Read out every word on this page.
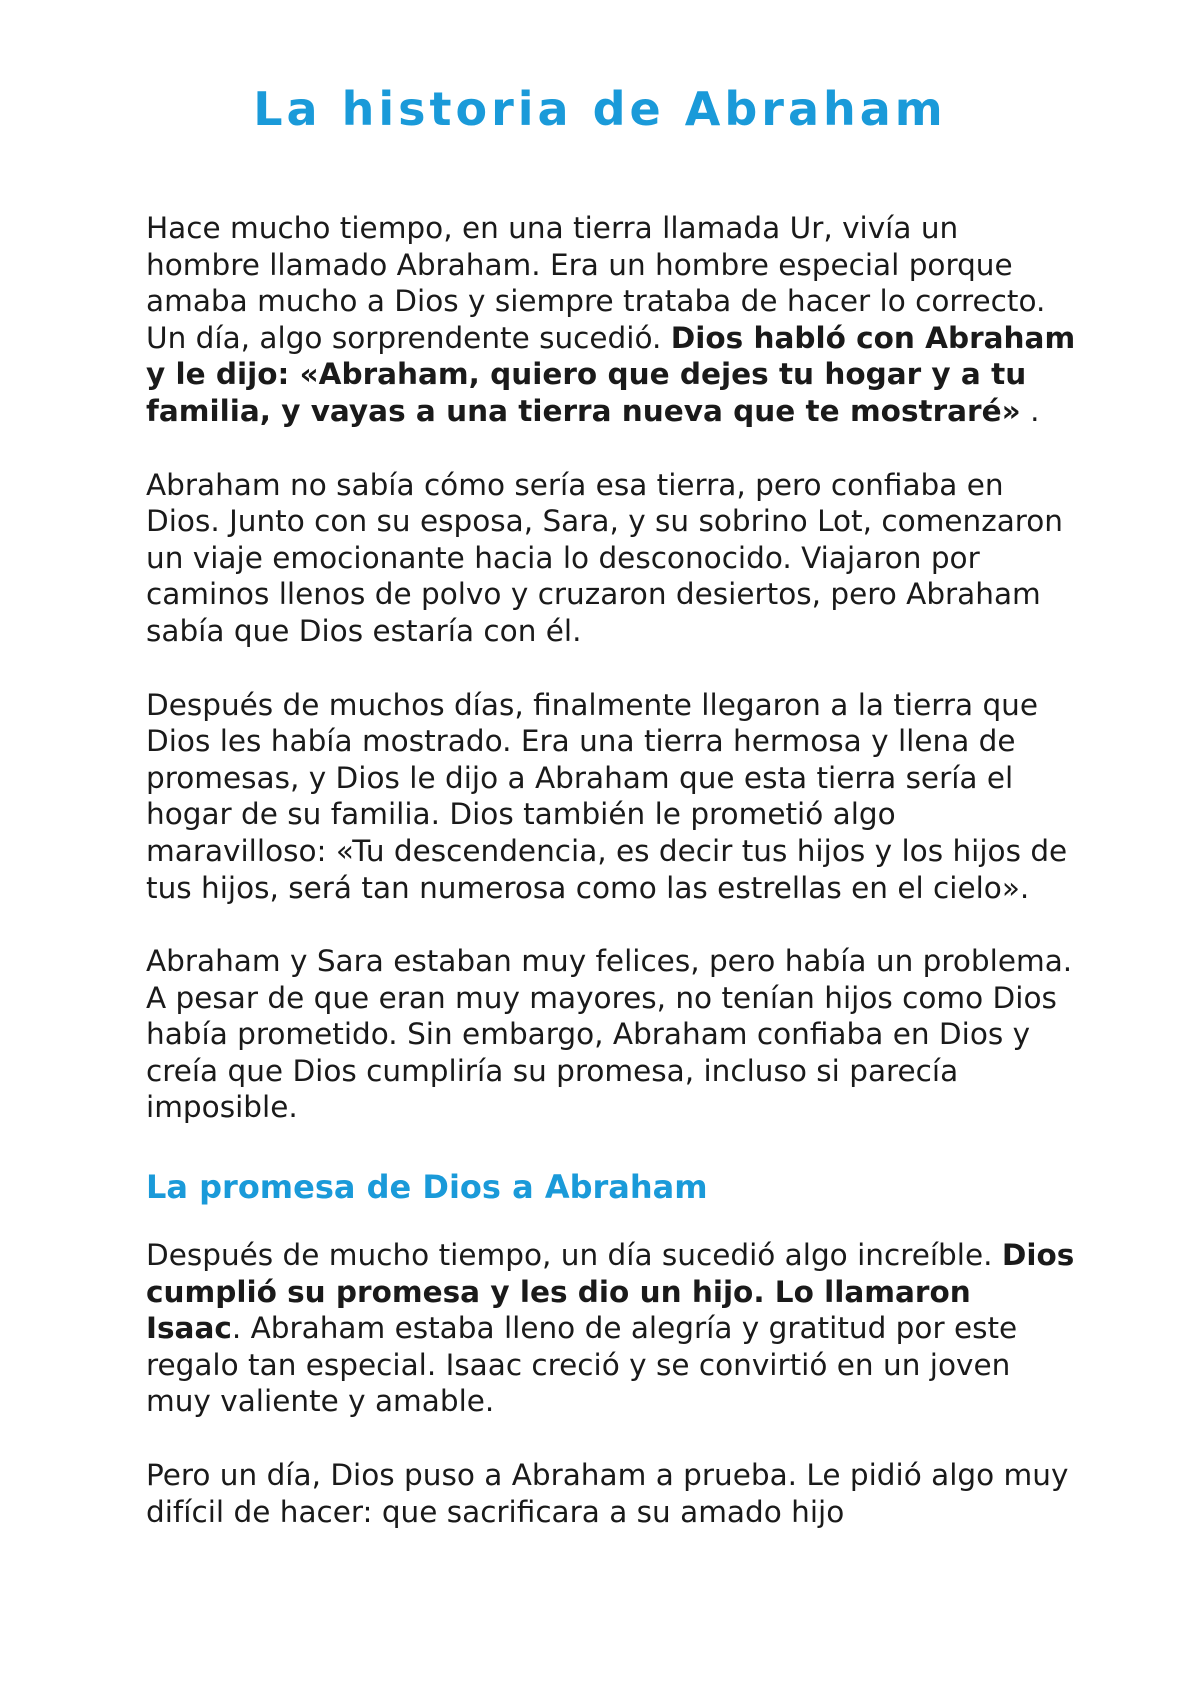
La historia de Abraham

Hace mucho tiempo, en una tierra llamada Ur, vivía un hombre llamado Abraham. Era un hombre especial porque amaba mucho a Dios y siempre trataba de hacer lo correcto. Un día, algo sorprendente sucedió. Dios habló con Abraham y le dijo: «Abraham, quiero que dejes tu hogar y a tu familia, y vayas a una tierra nueva que te mostraré» .

Abraham no sabía cómo sería esa tierra, pero confiaba en Dios. Junto con su esposa, Sara, y su sobrino Lot, comenzaron un viaje emocionante hacia lo desconocido. Viajaron por caminos llenos de polvo y cruzaron desiertos, pero Abraham sabía que Dios estaría con él.

Después de muchos días, finalmente llegaron a la tierra que Dios les había mostrado. Era una tierra hermosa y llena de promesas, y Dios le dijo a Abraham que esta tierra sería el hogar de su familia. Dios también le prometió algo maravilloso: «Tu descendencia, es decir tus hijos y los hijos de tus hijos, será tan numerosa como las estrellas en el cielo».

Abraham y Sara estaban muy felices, pero había un problema. A pesar de que eran muy mayores, no tenían hijos como Dios había prometido. Sin embargo, Abraham confiaba en Dios y creía que Dios cumpliría su promesa, incluso si parecía imposible.

La promesa de Dios a Abraham

Después de mucho tiempo, un día sucedió algo increíble. Dios cumplió su promesa y les dio un hijo. Lo llamaron Isaac. Abraham estaba lleno de alegría y gratitud por este regalo tan especial. Isaac creció y se convirtió en un joven muy valiente y amable.

Pero un día, Dios puso a Abraham a prueba. Le pidió algo muy difícil de hacer: que sacrificara a su amado hijo
